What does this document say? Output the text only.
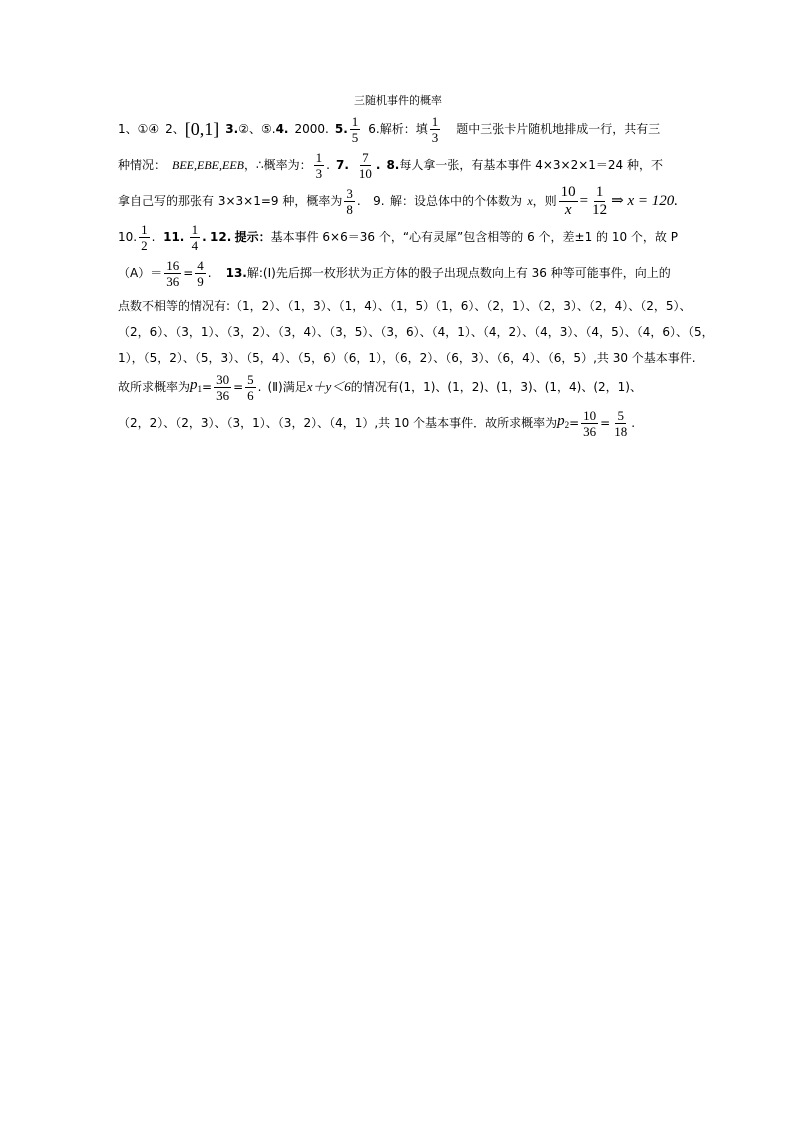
三随机事件的概率
1、①④ 2、 [0,1] 3. ②、⑤. 4. 2000. 5. $\frac{1}{5} 6$. 解析：填 $\frac{1}{3}$ 题中三张卡片随机地排成一行，共有三
种情况： BEE,EBE,EEB ，∴概率为： $\frac{1}{3}$ . 7. $\frac{7}{10}$ . 8. 每人拿一张，有基本事件 4×3×2×1＝24 种，不
拿自己写的那张有 3×3×1=9 种，概率为 $\frac{3}{8}$ . 9. 解：设总体中的个体数为 x ，则 $\frac{10}{x} = \frac{1}{12}$ ⇒ x = 120.
10. $\frac{1}{2}$ . 11. $\frac{1}{4}$ . 12. 提示： 基本事件 6×6＝36 个，“心有灵犀”包含相等的 6 个，差±1 的 10 个，故 P
$(A)= \frac{16}{36} = \frac{4}{9}$ . 13. 解:(Ⅰ)先后掷一枚形状为正方体的骰子出现点数向上有 36 种等可能事件，向上的
点数不相等的情况有:（1，2）、（1，3）、（1，4）、（1，5）（1，6）、（2，1）、（2，3）、（2，4）、（2，5）、
（2，6）、（3，1）、（3，2）、（3，4）、（3，5）、（3，6）、（4，1）、（4，2）、（4，3）、（4，5）、（4，6）、（5，
1），（5，2）、（5，3）、（5，4）、（5，6）（6，1），（6，2）、（6，3）、（6，4）、（6，5）,共 30 个基本事件.
故所求概率为 $p_1 = \frac{30}{36} = \frac{5}{6}$ . (Ⅱ)满足 x＋y＜6 的情况有(1，1)、(1，2)、(1，3)、(1，4)、(2，1)、
（2，2）、（2，3）、（3，1）、（3，2）、（4，1）,共 10 个基本事件．故所求概率为 $p_2 = \frac{10}{36} = \frac{5}{18}$ .
